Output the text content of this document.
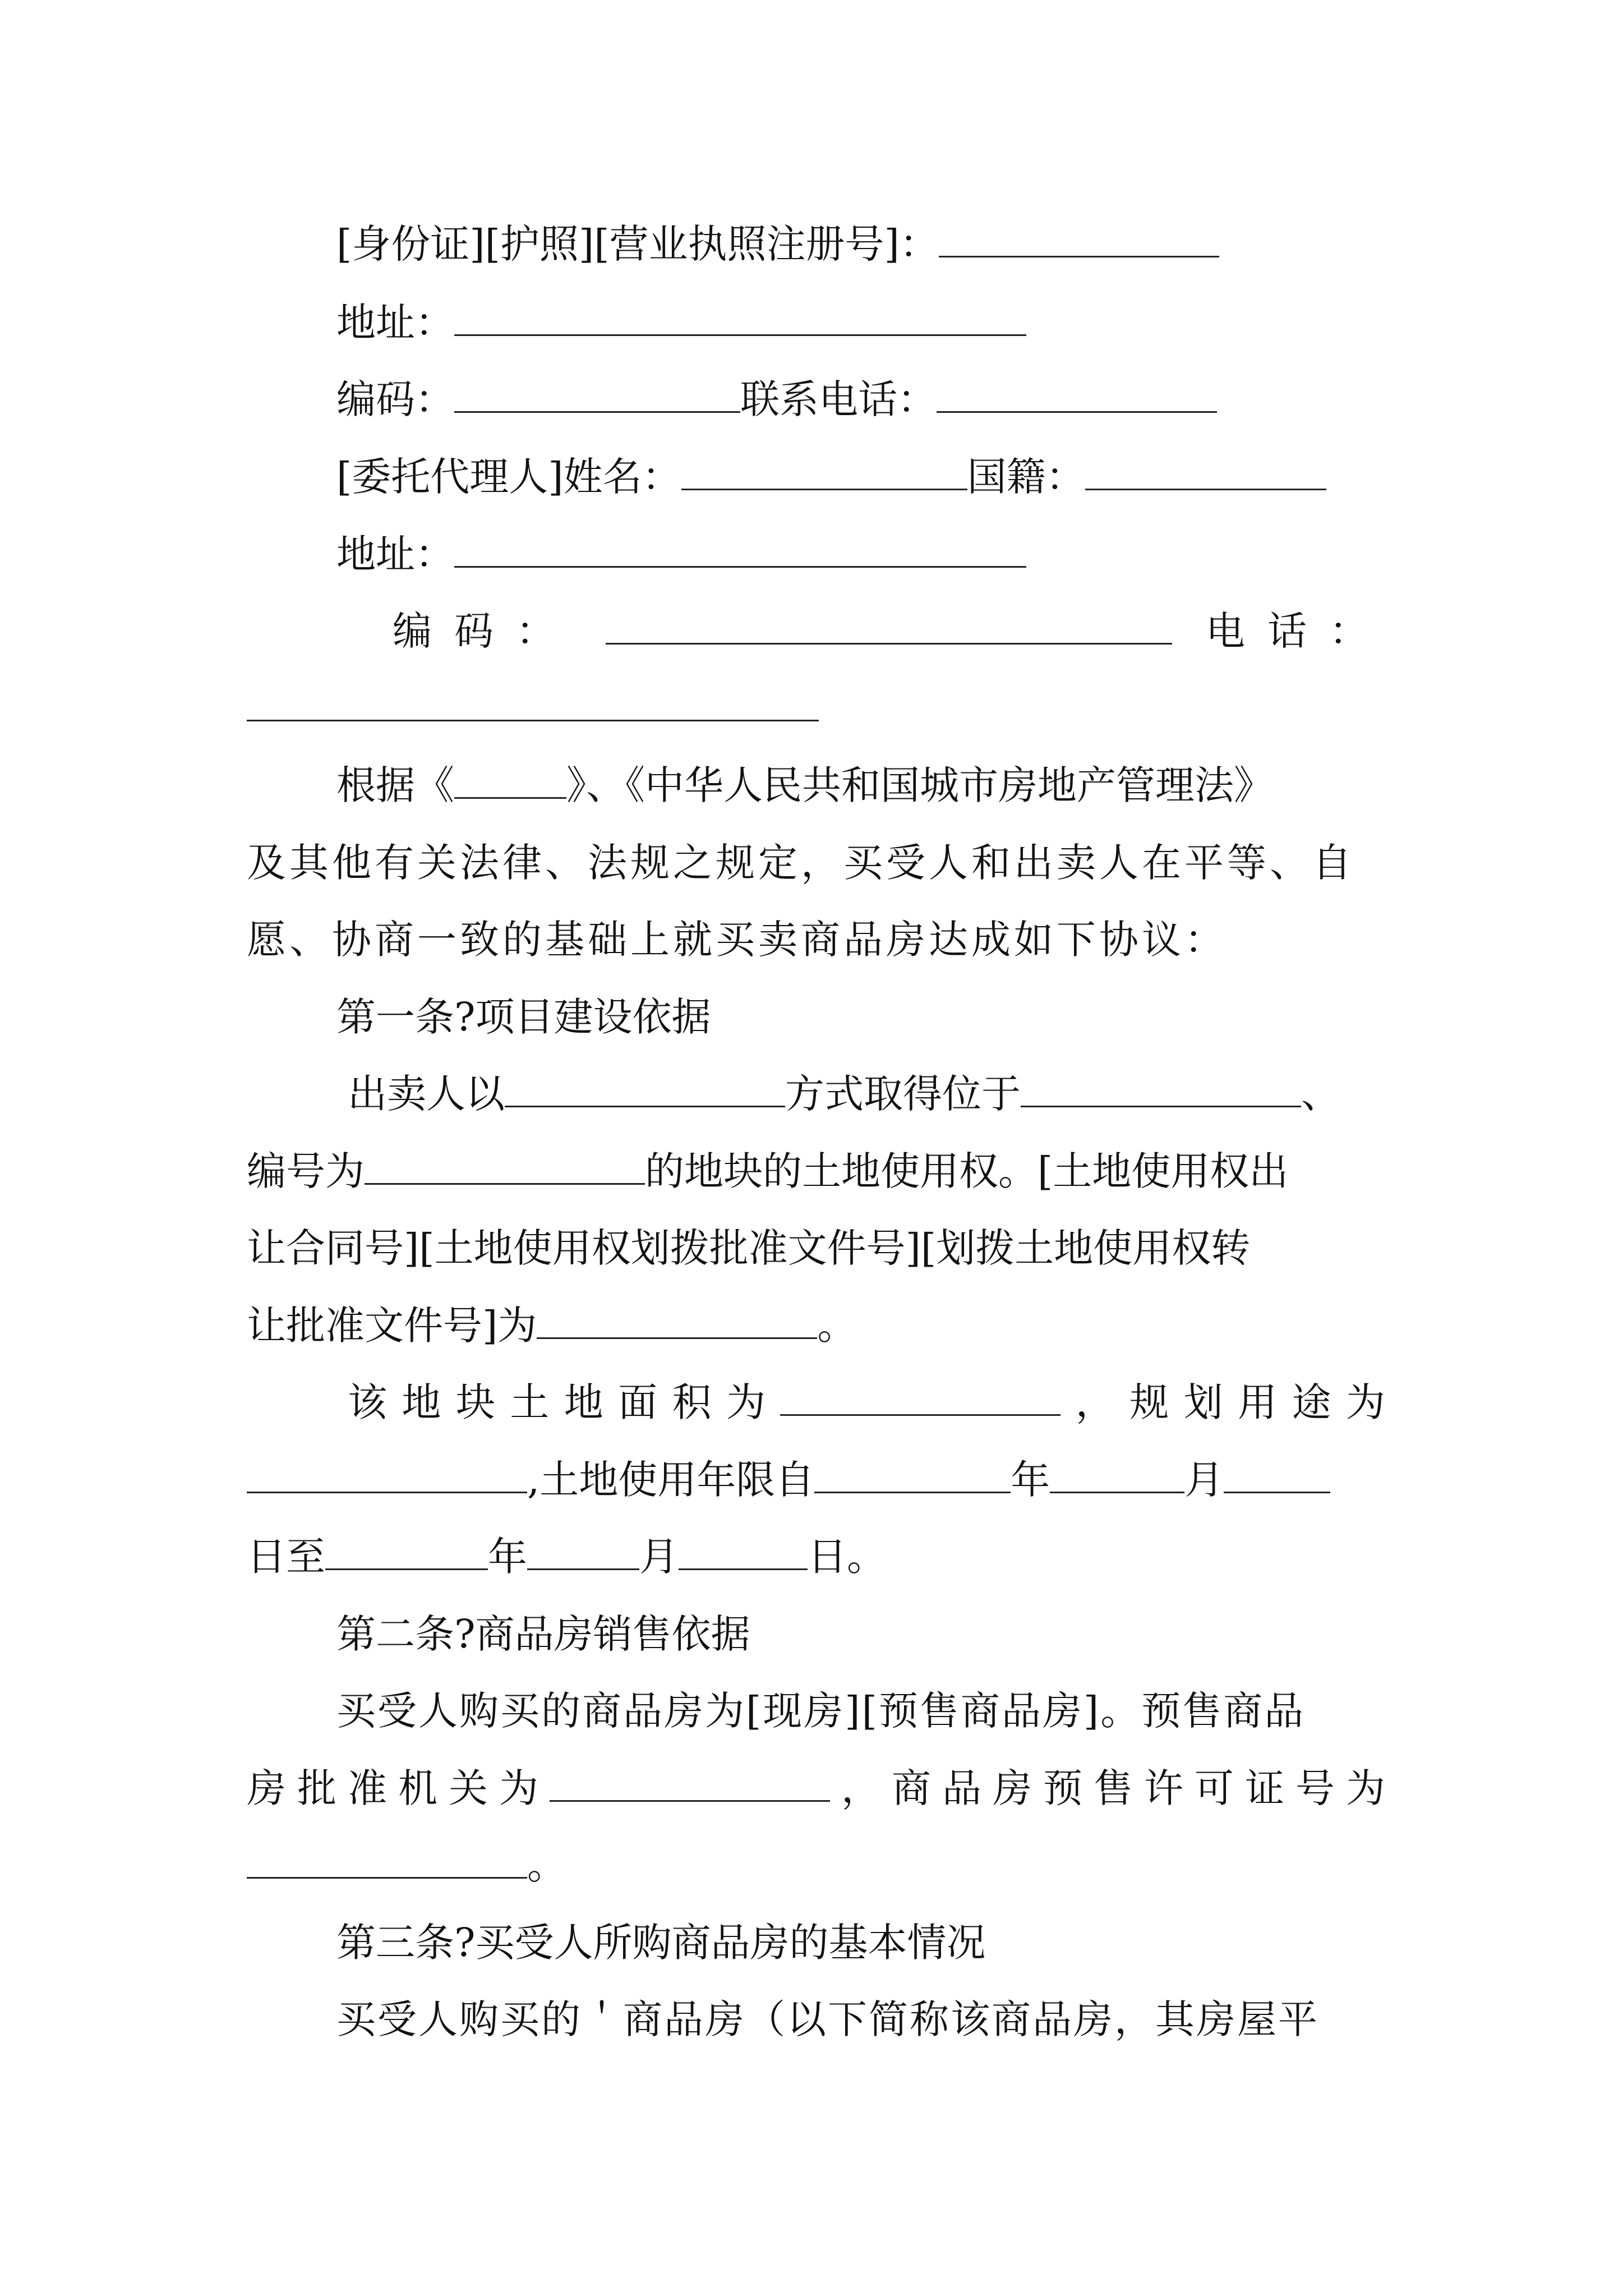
[身份证][护照][营业执照注册号]：
地址：
编码：	联系电话：
[委托代理人]姓名：	国籍：
地址：
编 码 ：	电 话 ：
根据《	》、《中华人民共和国城市房地产管理法》
及其他有关法律、法规之规定，买受人和出卖人在平等、自
愿、协商一致的基础上就买卖商品房达成如下协议：
第一条?项目建设依据
出卖人以	方式取得位于	、
编号为	的地块的土地使用权。[土地使用权出
让合同号][土地使用权划拨批准文件号][划拨土地使用权转
让批准文件号]为	。
该 地 块 土 地 面 积 为	， 规 划 用 途 为
,土地使用年限自	年	月
日至	年	月	日。
第二条?商品房销售依据
买受人购买的商品房为[现房][预售商品房]。预售商品
房 批 准 机 关 为	， 商 品 房 预 售 许 可 证 号 为
。
第三条?买受人所购商品房的基本情况
买受人购买的＇商品房（以下简称该商品房，其房屋平
